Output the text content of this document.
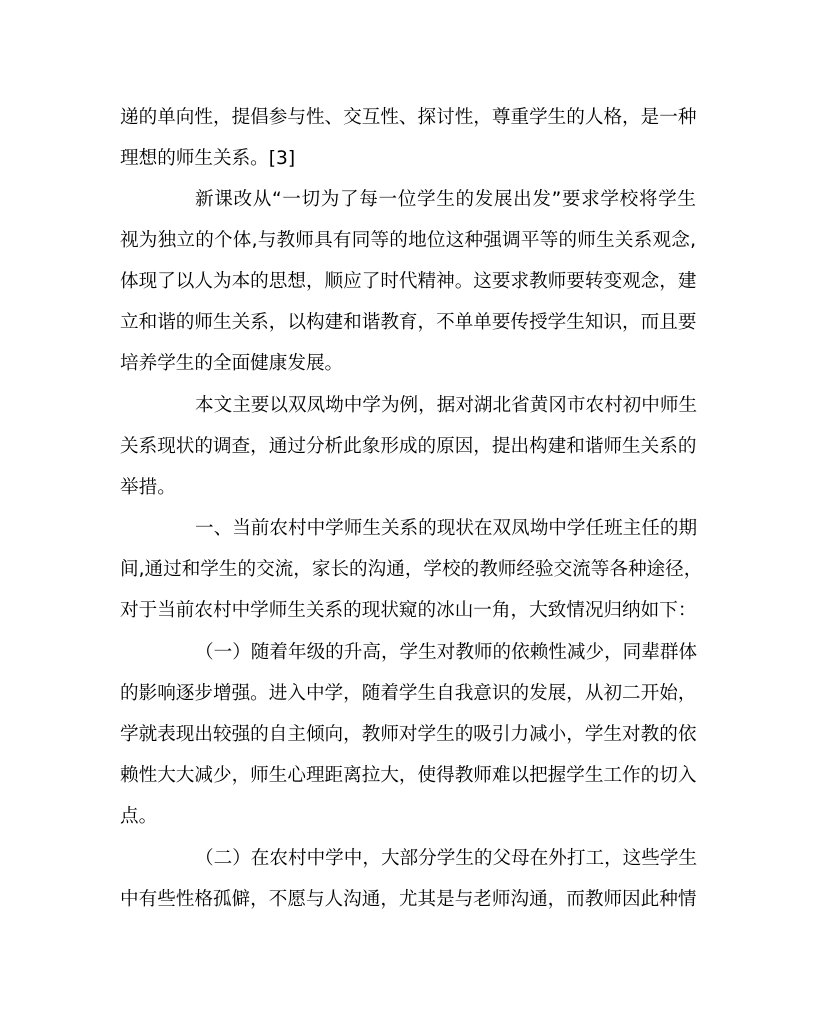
递的单向性，提倡参与性、交互性、探讨性，尊重学生的人格，是一种
理想的师生关系。[3]
新课改从“一切为了每一位学生的发展出发”要求学校将学生
视为独立的个体,与教师具有同等的地位这种强调平等的师生关系观念,
体现了以人为本的思想，顺应了时代精神。这要求教师要转变观念，建
立和谐的师生关系，以构建和谐教育，不单单要传授学生知识，而且要
培养学生的全面健康发展。
本文主要以双凤坳中学为例，据对湖北省黄冈市农村初中师生
关系现状的调查，通过分析此象形成的原因，提出构建和谐师生关系的
举措。
一、当前农村中学师生关系的现状在双凤坳中学任班主任的期
间,通过和学生的交流，家长的沟通，学校的教师经验交流等各种途径，
对于当前农村中学师生关系的现状窥的冰山一角，大致情况归纳如下：
（一）随着年级的升高，学生对教师的依赖性减少，同辈群体
的影响逐步增强。进入中学，随着学生自我意识的发展，从初二开始，
学就表现出较强的自主倾向，教师对学生的吸引力减小，学生对教的依
赖性大大减少，师生心理距离拉大，使得教师难以把握学生工作的切入
点。
（二）在农村中学中，大部分学生的父母在外打工，这些学生
中有些性格孤僻，不愿与人沟通，尤其是与老师沟通，而教师因此种情
